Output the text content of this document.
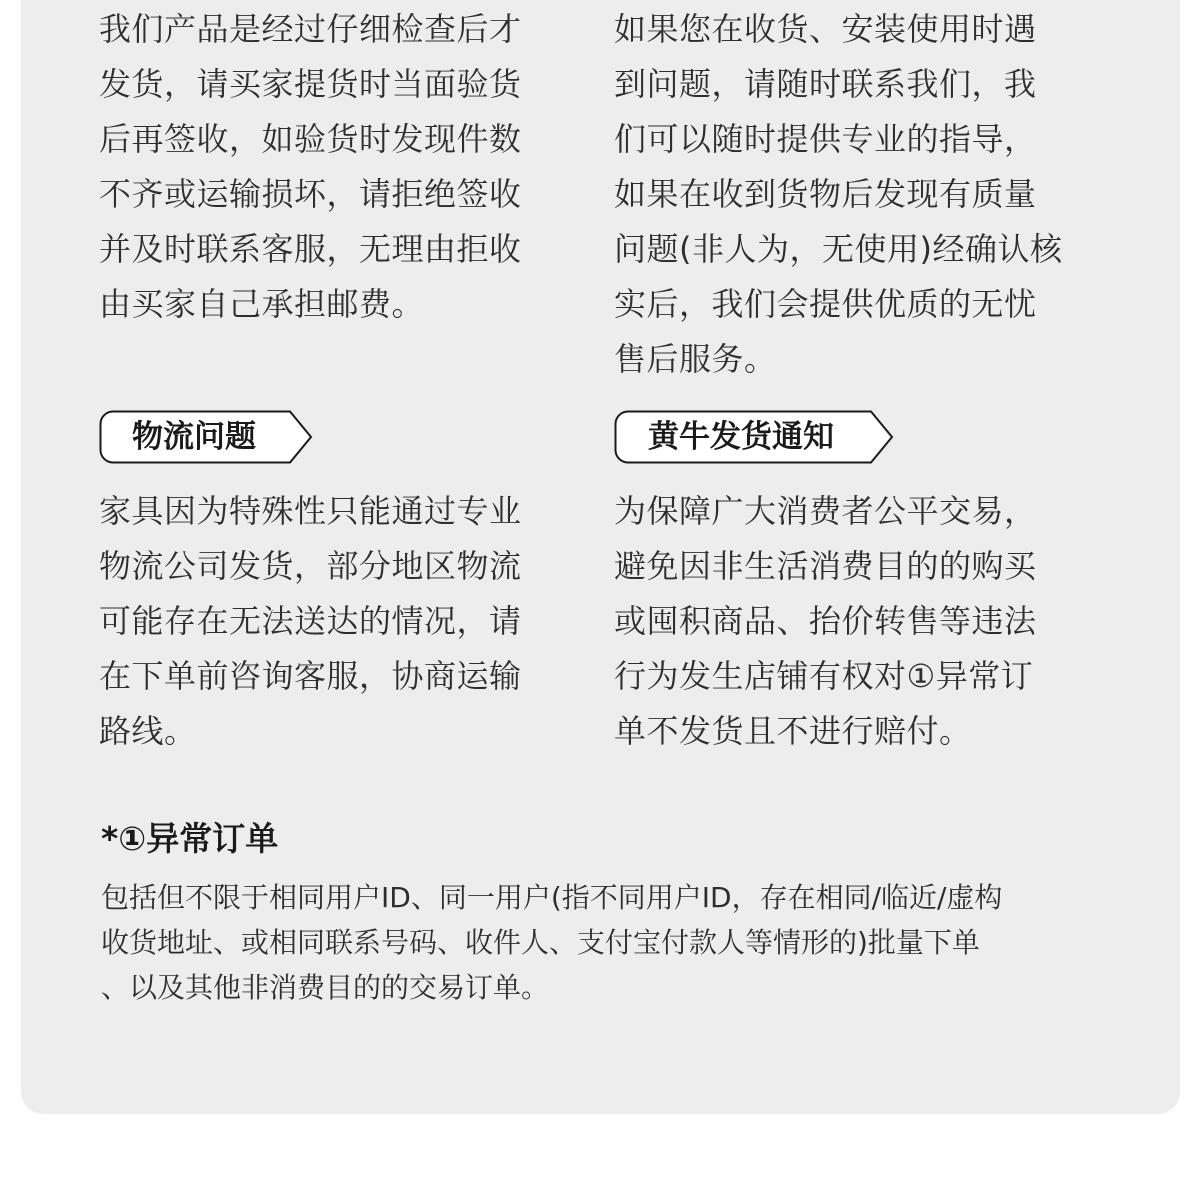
我们产品是经过仔细检查后才
发货，请买家提货时当面验货
后再签收，如验货时发现件数
不齐或运输损坏，请拒绝签收
并及时联系客服，无理由拒收
由买家自己承担邮费。

如果您在收货、安装使用时遇
到问题，请随时联系我们，我
们可以随时提供专业的指导，
如果在收到货物后发现有质量
问题(非人为，无使用)经确认核
实后，我们会提供优质的无忧
售后服务。

物流问题	黄牛发货通知

家具因为特殊性只能通过专业
物流公司发货，部分地区物流
可能存在无法送达的情况，请
在下单前咨询客服，协商运输
路线。

为保障广大消费者公平交易，
避免因非生活消费目的的购买
或囤积商品、抬价转售等违法
行为发生店铺有权对①异常订
单不发货且不进行赔付。

*①异常订单

包括但不限于相同用户ID、同一用户(指不同用户ID，存在相同/临近/虚构
收货地址、或相同联系号码、收件人、支付宝付款人等情形的)批量下单
、以及其他非消费目的的交易订单。
